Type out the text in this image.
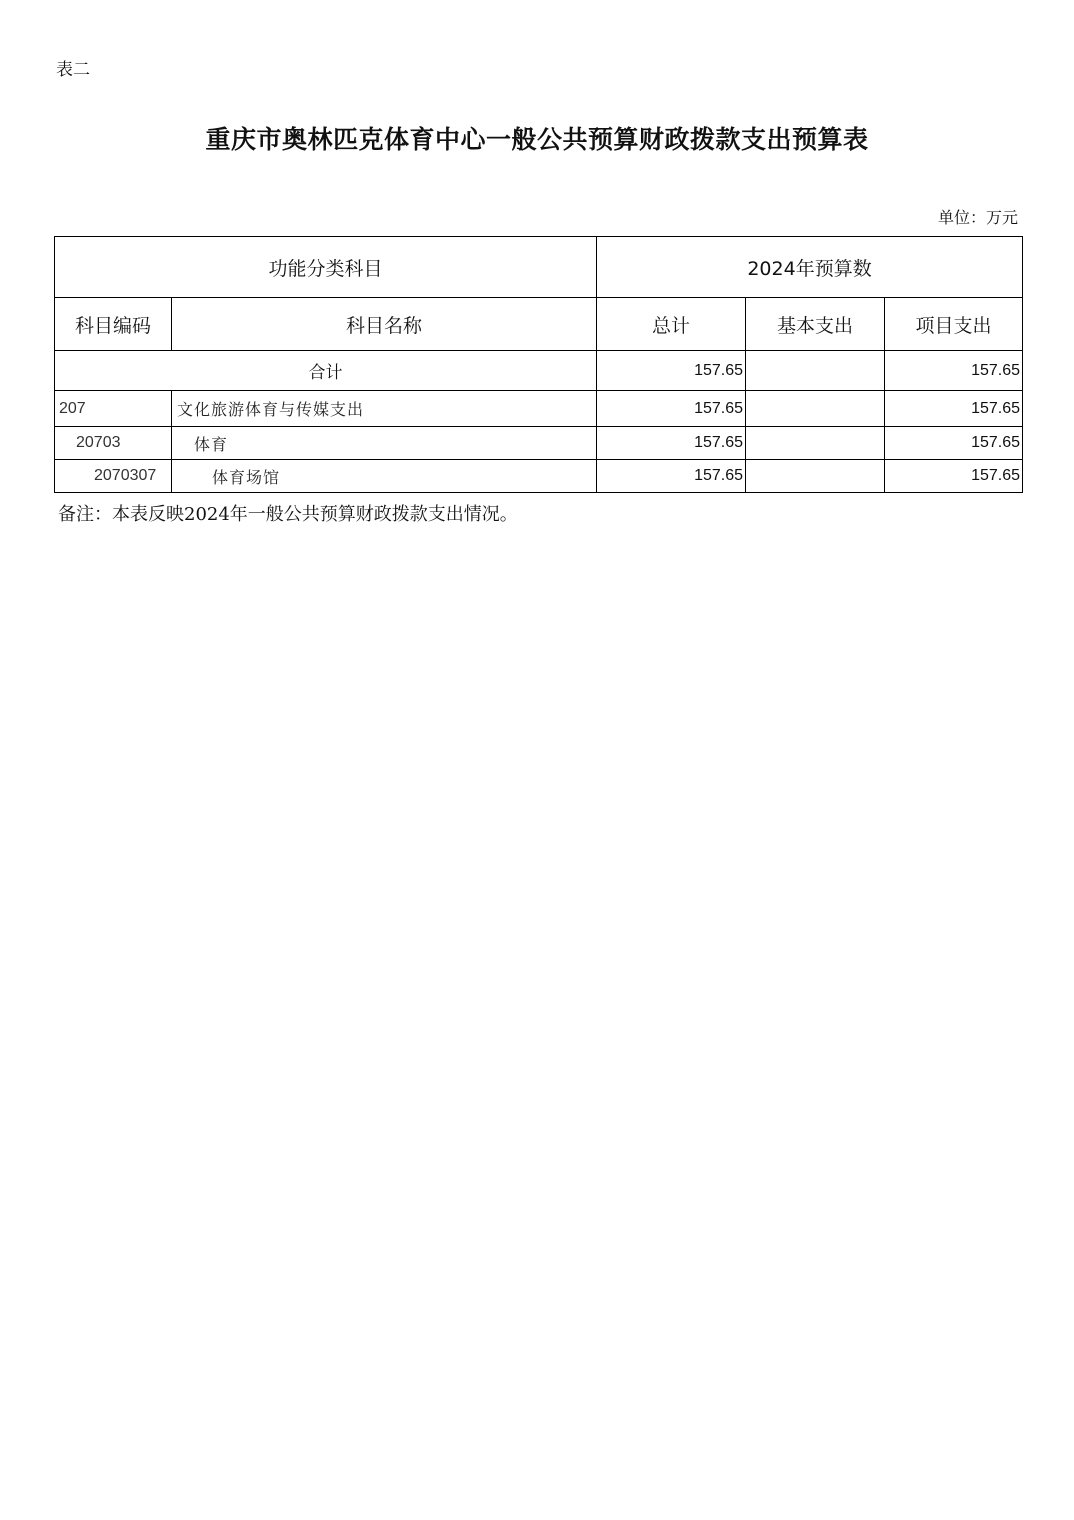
表二
重庆市奥林匹克体育中心一般公共预算财政拨款支出预算表
单位：万元
功能分类科目		2024年预算数		
科目编码	科目名称	总计	基本支出	项目支出
合计		157.65		157.65
207	文化旅游体育与传媒支出	157.65		157.65
20703	体育	157.65		157.65
2070307	体育场馆	157.65		157.65
备注：本表反映2024年一般公共预算财政拨款支出情况。
